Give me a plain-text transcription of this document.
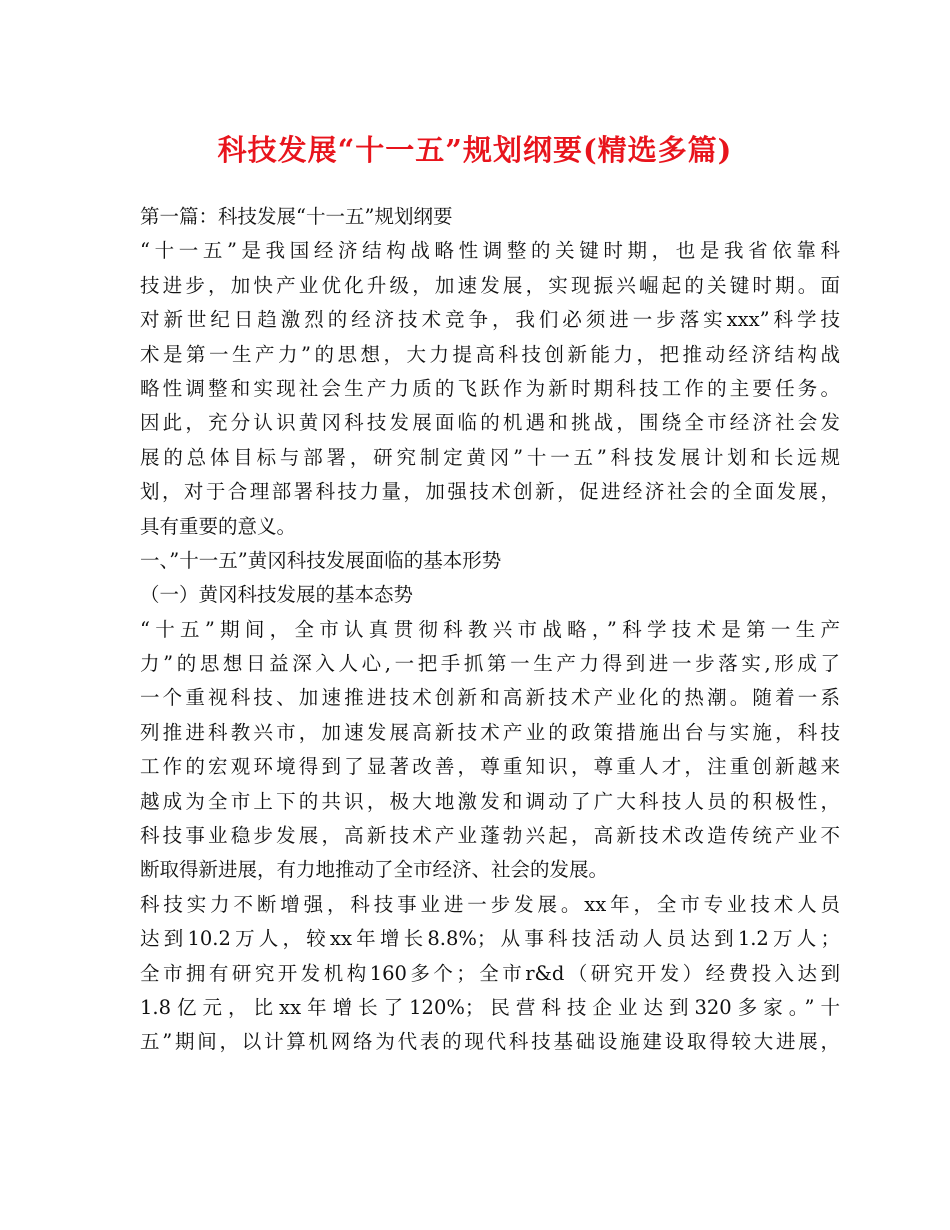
科技发展“十一五”规划纲要(精选多篇)
第一篇：科技发展“十一五”规划纲要
“十一五”是我国经济结构战略性调整的关键时期，也是我省依靠科
技进步，加快产业优化升级，加速发展，实现振兴崛起的关键时期。面
对新世纪日趋激烈的经济技术竞争，我们必须进一步落实xxx”科学技
术是第一生产力”的思想，大力提高科技创新能力，把推动经济结构战
略性调整和实现社会生产力质的飞跃作为新时期科技工作的主要任务。
因此，充分认识黄冈科技发展面临的机遇和挑战，围绕全市经济社会发
展的总体目标与部署，研究制定黄冈”十一五”科技发展计划和长远规
划，对于合理部署科技力量，加强技术创新，促进经济社会的全面发展，
具有重要的意义。
一、”十一五”黄冈科技发展面临的基本形势
（一）黄冈科技发展的基本态势
“十五”期间，全市认真贯彻科教兴市战略，”科学技术是第一生产
力”的思想日益深入人心,一把手抓第一生产力得到进一步落实,形成了
一个重视科技、加速推进技术创新和高新技术产业化的热潮。随着一系
列推进科教兴市，加速发展高新技术产业的政策措施出台与实施，科技
工作的宏观环境得到了显著改善，尊重知识，尊重人才，注重创新越来
越成为全市上下的共识，极大地激发和调动了广大科技人员的积极性，
科技事业稳步发展，高新技术产业蓬勃兴起，高新技术改造传统产业不
断取得新进展，有力地推动了全市经济、社会的发展。
科技实力不断增强，科技事业进一步发展。xx年，全市专业技术人员
达到10.2万人，较xx年增长8.8%；从事科技活动人员达到1.2万人；
全市拥有研究开发机构160多个；全市r&d（研究开发）经费投入达到
1.8亿元，比xx年增长了120%；民营科技企业达到320多家。”十
五”期间，以计算机网络为代表的现代科技基础设施建设取得较大进展，
